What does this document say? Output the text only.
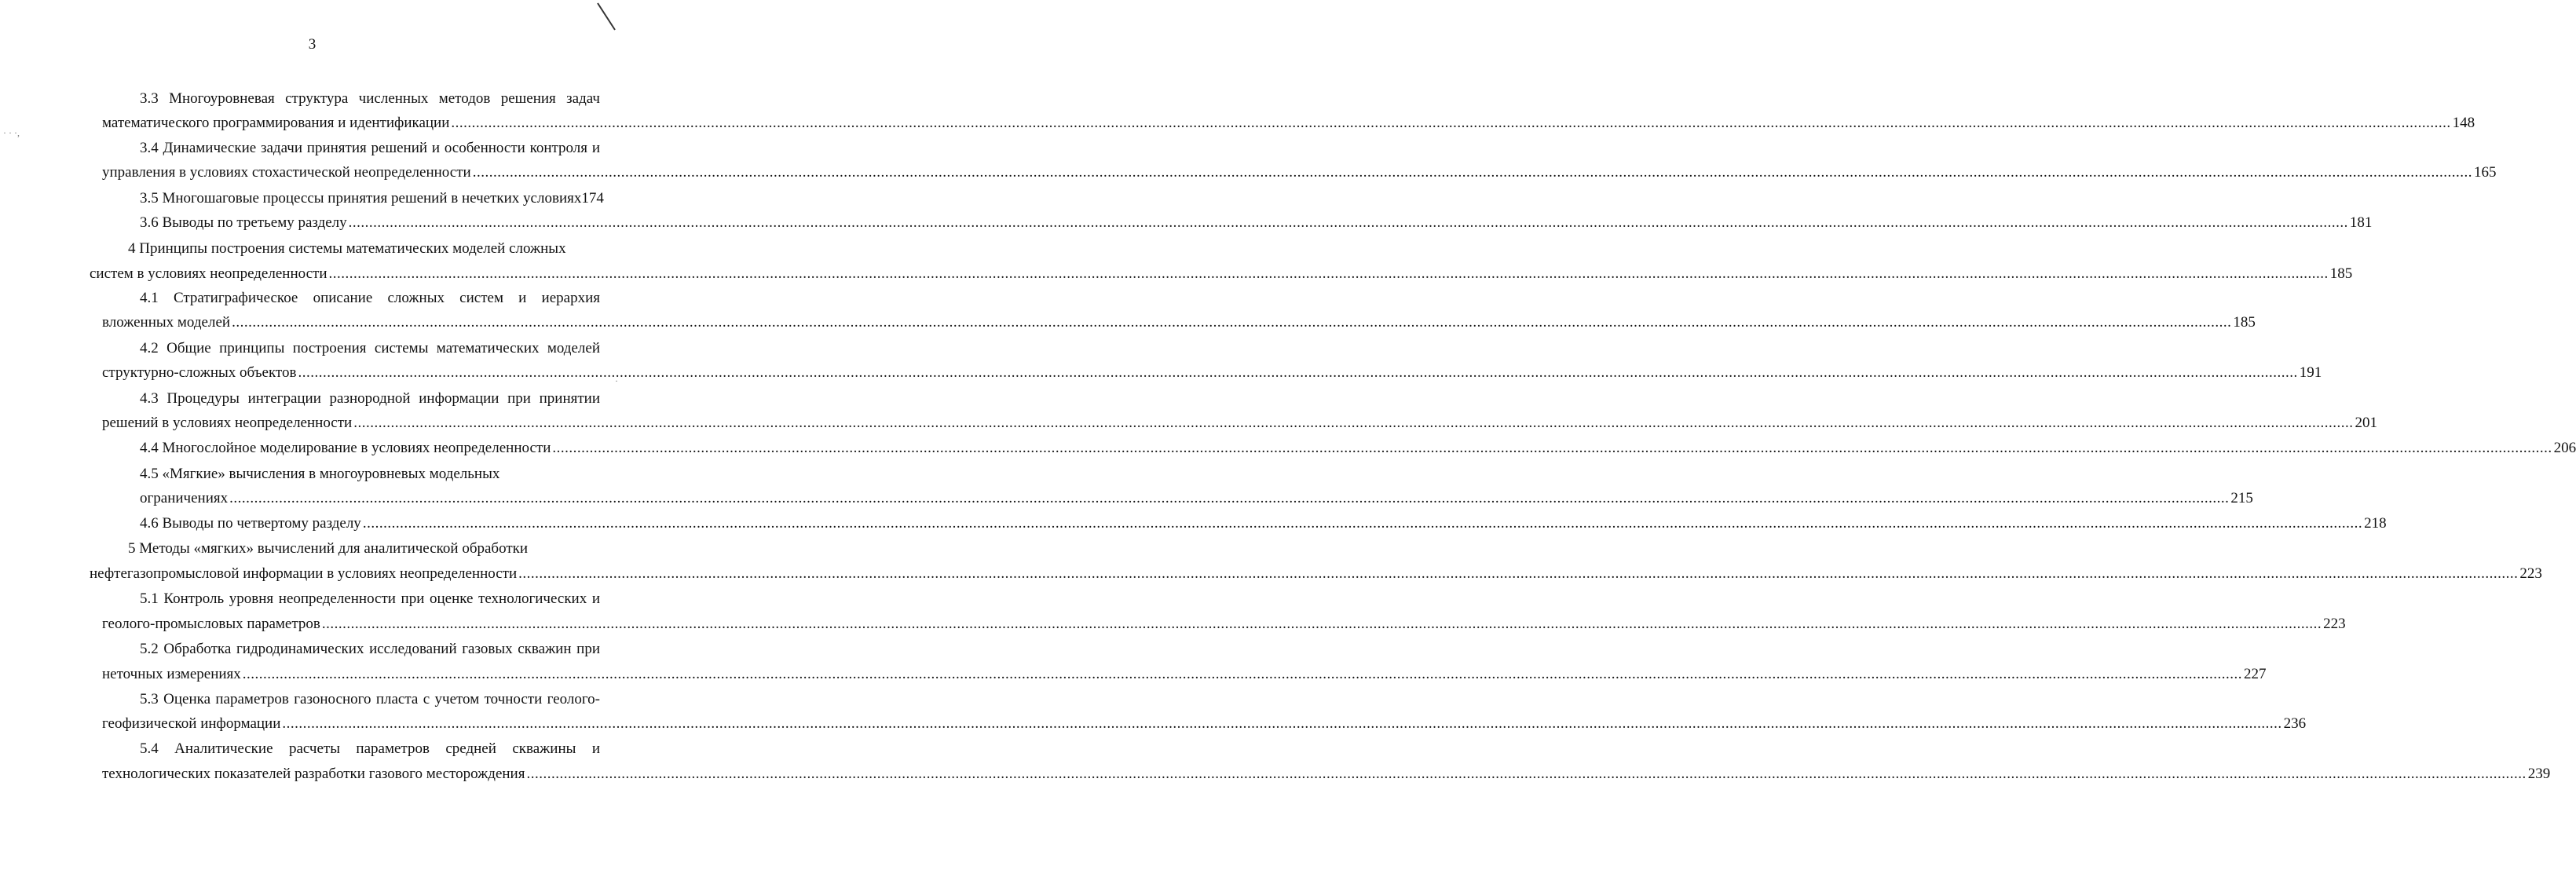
· · ·,
·
3
3.3 Многоуровневая структура численных методов решения задач
математического программирования и идентификации .....	148
3.4 Динамические задачи принятия решений и особенности контроля и
управления в условиях стохастической неопределенности .....	165
3.5 Многошаговые процессы принятия решений в нечетких условиях 174
3.6 Выводы по третьему разделу .....	181
4 Принципы построения системы математических моделей сложных
систем в условиях неопределенности .....	185
4.1 Стратиграфическое описание сложных систем и иерархия
вложенных моделей .....	185
4.2 Общие принципы построения системы математических моделей
структурно-сложных объектов .....	191
4.3 Процедуры интеграции разнородной информации при принятии
решений в условиях неопределенности .....	201
4.4 Многослойное моделирование в условиях неопределенности .....	206
4.5 «Мягкие» вычисления в многоуровневых модельных
ограничениях .....	215
4.6 Выводы по четвертому разделу .....	218
5 Методы «мягких» вычислений для аналитической обработки
нефтегазопромысловой информации в условиях неопределенности .....	223
5.1 Контроль уровня неопределенности при оценке технологических и
геолого-промысловых параметров .....	223
5.2 Обработка гидродинамических исследований газовых скважин при
неточных измерениях .....	227
5.3 Оценка параметров газоносного пласта с учетом точности геолого-
геофизической информации .....	236
5.4 Аналитические расчеты параметров средней скважины и
технологических показателей разработки газового месторождения .....	239
